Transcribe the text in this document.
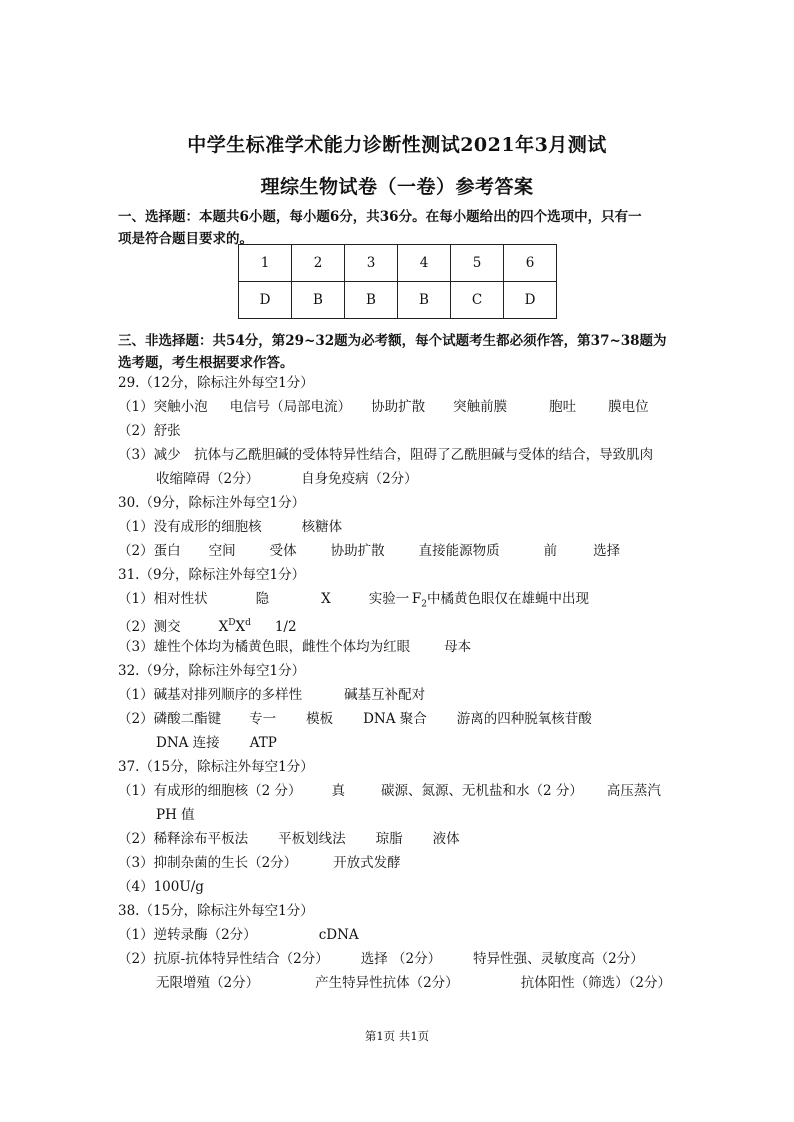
中学生标准学术能力诊断性测试2021年3月测试
理综生物试卷（一卷）参考答案
一、选择题：本题共6小题，每小题6分，共36分。在每小题给出的四个选项中，只有一
项是符合题目要求的。
1	2	3	4	5	6
D	B	B	B	C	D
三、非选择题：共54分，第29~32题为必考额，每个试题考生都必须作答，第37~38题为
选考题，考生根据要求作答。
29.（12分，除标注外每空1分）
（1）突触小泡 电信号（局部电流） 协助扩散 突触前膜	胞吐 膜电位
（2）舒张
（3）减少　抗体与乙酰胆碱的受体特异性结合，阻碍了乙酰胆碱与受体的结合，导致肌肉
收缩障碍（2分）	自身免疫病（2分）
30.（9分，除标注外每空1分）
（1）没有成形的细胞核	核糖体
（2）蛋白 空间	受体	协助扩散	直接能源物质	前	选择
31.（9分，除标注外每空1分）
（1）相对性状	隐	X	实验一  $F_2$中橘黄色眼仅在雄蝇中出现
（2）测交	$X^DX^d$ 1/2
（3）雄性个体均为橘黄色眼，雌性个体均为红眼	母本
32.（9分，除标注外每空1分）
（1）碱基对排列顺序的多样性	碱基互补配对
（2）磷酸二酯键 专一 模板 DNA 聚合 游离的四种脱氧核苷酸
DNA 连接 ATP
37.（15分，除标注外每空1分）
（1）有成形的细胞核（2 分） 真	碳源、氮源、无机盐和水（2 分） 高压蒸汽
PH 值
（2）稀释涂布平板法 平板划线法 琼脂 液体
（3）抑制杂菌的生长（2分）	开放式发酵
（4）100U/g
38.（15分，除标注外每空1分）
（1）逆转录酶（2分）	cDNA
（2）抗原-抗体特异性结合（2分） 选择 （2分） 特异性强、灵敏度高（2分）
无限增殖（2分）	产生特异性抗体（2分）	抗体阳性（筛选）（2分）
第1页 共1页
